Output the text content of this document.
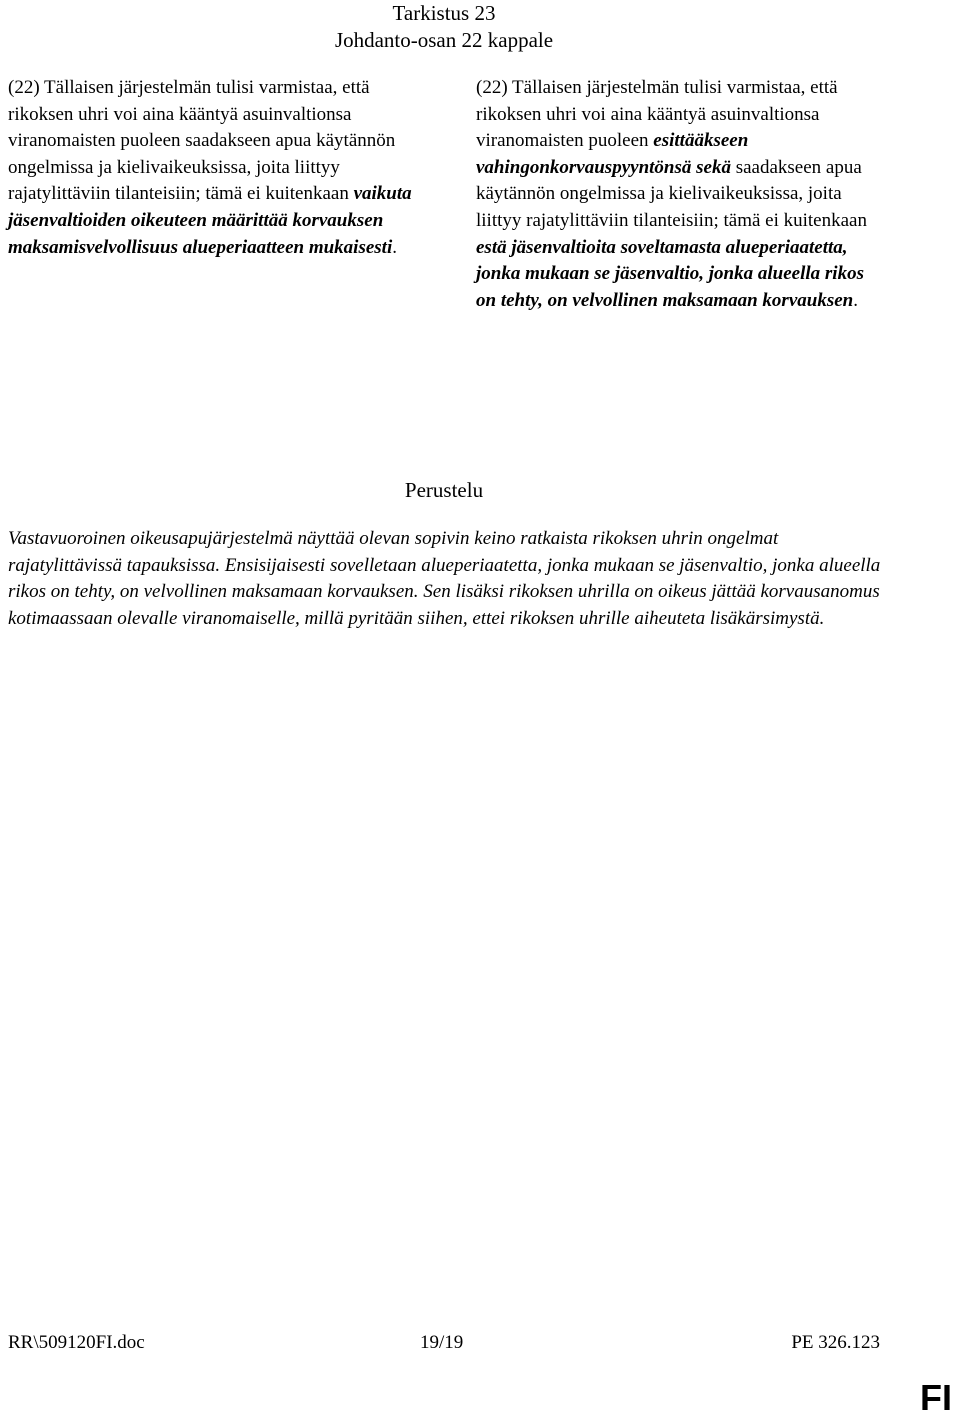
Tarkistus 23
Johdanto-osan 22 kappale

(22) Tällaisen järjestelmän tulisi varmistaa, että rikoksen uhri voi aina kääntyä asuinvaltionsa viranomaisten puoleen saadakseen apua käytännön ongelmissa ja kielivaikeuksissa, joita liittyy rajatylittäviin tilanteisiin; tämä ei kuitenkaan vaikuta jäsenvaltioiden oikeuteen määrittää korvauksen maksamisvelvollisuus alueperiaatteen mukaisesti.

(22) Tällaisen järjestelmän tulisi varmistaa, että rikoksen uhri voi aina kääntyä asuinvaltionsa viranomaisten puoleen esittääkseen vahingonkorvauspyyntönsä sekä saadakseen apua käytännön ongelmissa ja kielivaikeuksissa, joita liittyy rajatylittäviin tilanteisiin; tämä ei kuitenkaan estä jäsenvaltioita soveltamasta alueperiaatetta, jonka mukaan se jäsenvaltio, jonka alueella rikos on tehty, on velvollinen maksamaan korvauksen.

Perustelu

Vastavuoroinen oikeusapujärjestelmä näyttää olevan sopivin keino ratkaista rikoksen uhrin ongelmat rajatylittävissä tapauksissa. Ensisijaisesti sovelletaan alueperiaatetta, jonka mukaan se jäsenvaltio, jonka alueella rikos on tehty, on velvollinen maksamaan korvauksen. Sen lisäksi rikoksen uhrilla on oikeus jättää korvausanomus kotimaassaan olevalle viranomaiselle, millä pyritään siihen, ettei rikoksen uhrille aiheuteta lisäkärsimystä.

RR\509120FI.doc	19/19	PE 326.123
FI
